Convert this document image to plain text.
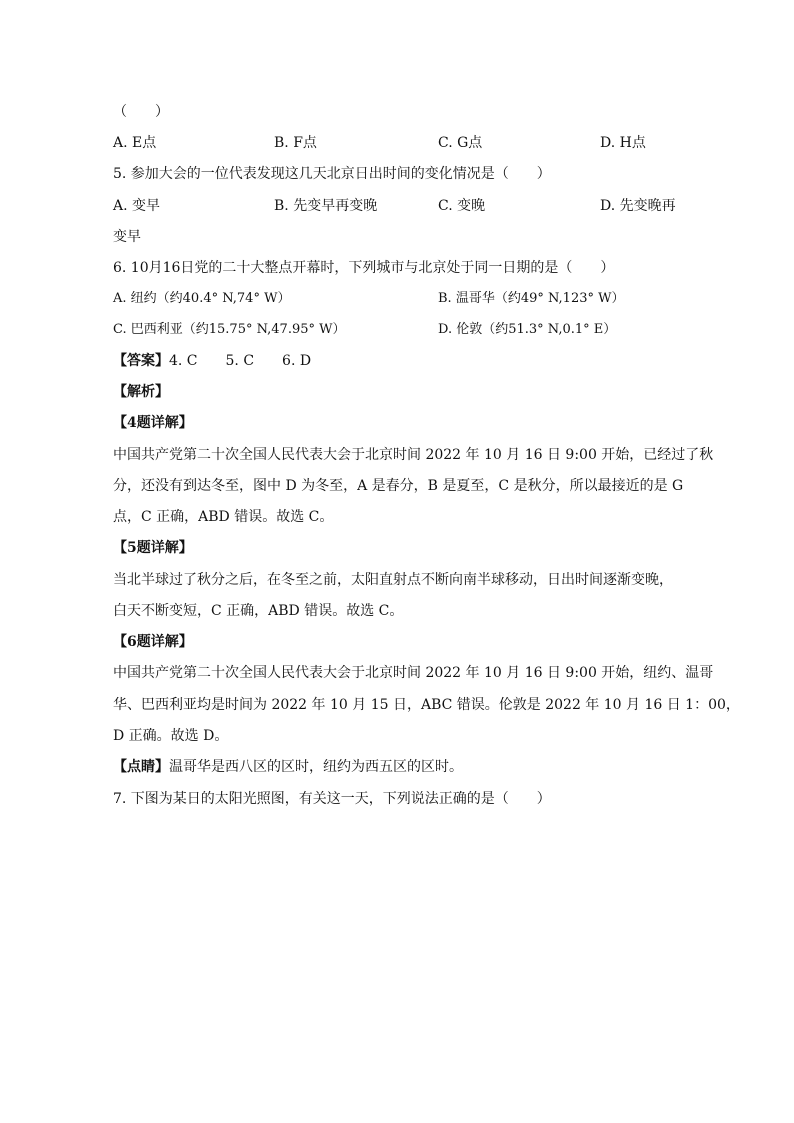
（　　）
A. E点	B. F点	C. G点	D. H点
5. 参加大会的一位代表发现这几天北京日出时间的变化情况是（　　）
A. 变早	B. 先变早再变晚	C. 变晚	D. 先变晚再
变早
6. 10月16日党的二十大整点开幕时，下列城市与北京处于同一日期的是（　　）
A. 纽约（约40.4° N,74° W）	B. 温哥华（约49° N,123° W）
C. 巴西利亚（约15.75° N,47.95° W）	D. 伦敦（约51.3° N,0.1° E）
【答案】4. C　　5. C　　6. D
【解析】
【4题详解】
中国共产党第二十次全国人民代表大会于北京时间 2022 年 10 月 16 日 9:00 开始，已经过了秋
分，还没有到达冬至，图中 D 为冬至，A 是春分，B 是夏至，C 是秋分，所以最接近的是 G
点，C 正确，ABD 错误。故选 C。
【5题详解】
当北半球过了秋分之后，在冬至之前，太阳直射点不断向南半球移动，日出时间逐渐变晚，
白天不断变短，C 正确，ABD 错误。故选 C。
【6题详解】
中国共产党第二十次全国人民代表大会于北京时间 2022 年 10 月 16 日 9:00 开始，纽约、温哥
华、巴西利亚均是时间为 2022 年 10 月 15 日，ABC 错误。伦敦是 2022 年 10 月 16 日 1：00，
D 正确。故选 D。
【点睛】温哥华是西八区的区时，纽约为西五区的区时。
7. 下图为某日的太阳光照图，有关这一天，下列说法正确的是（　　）
